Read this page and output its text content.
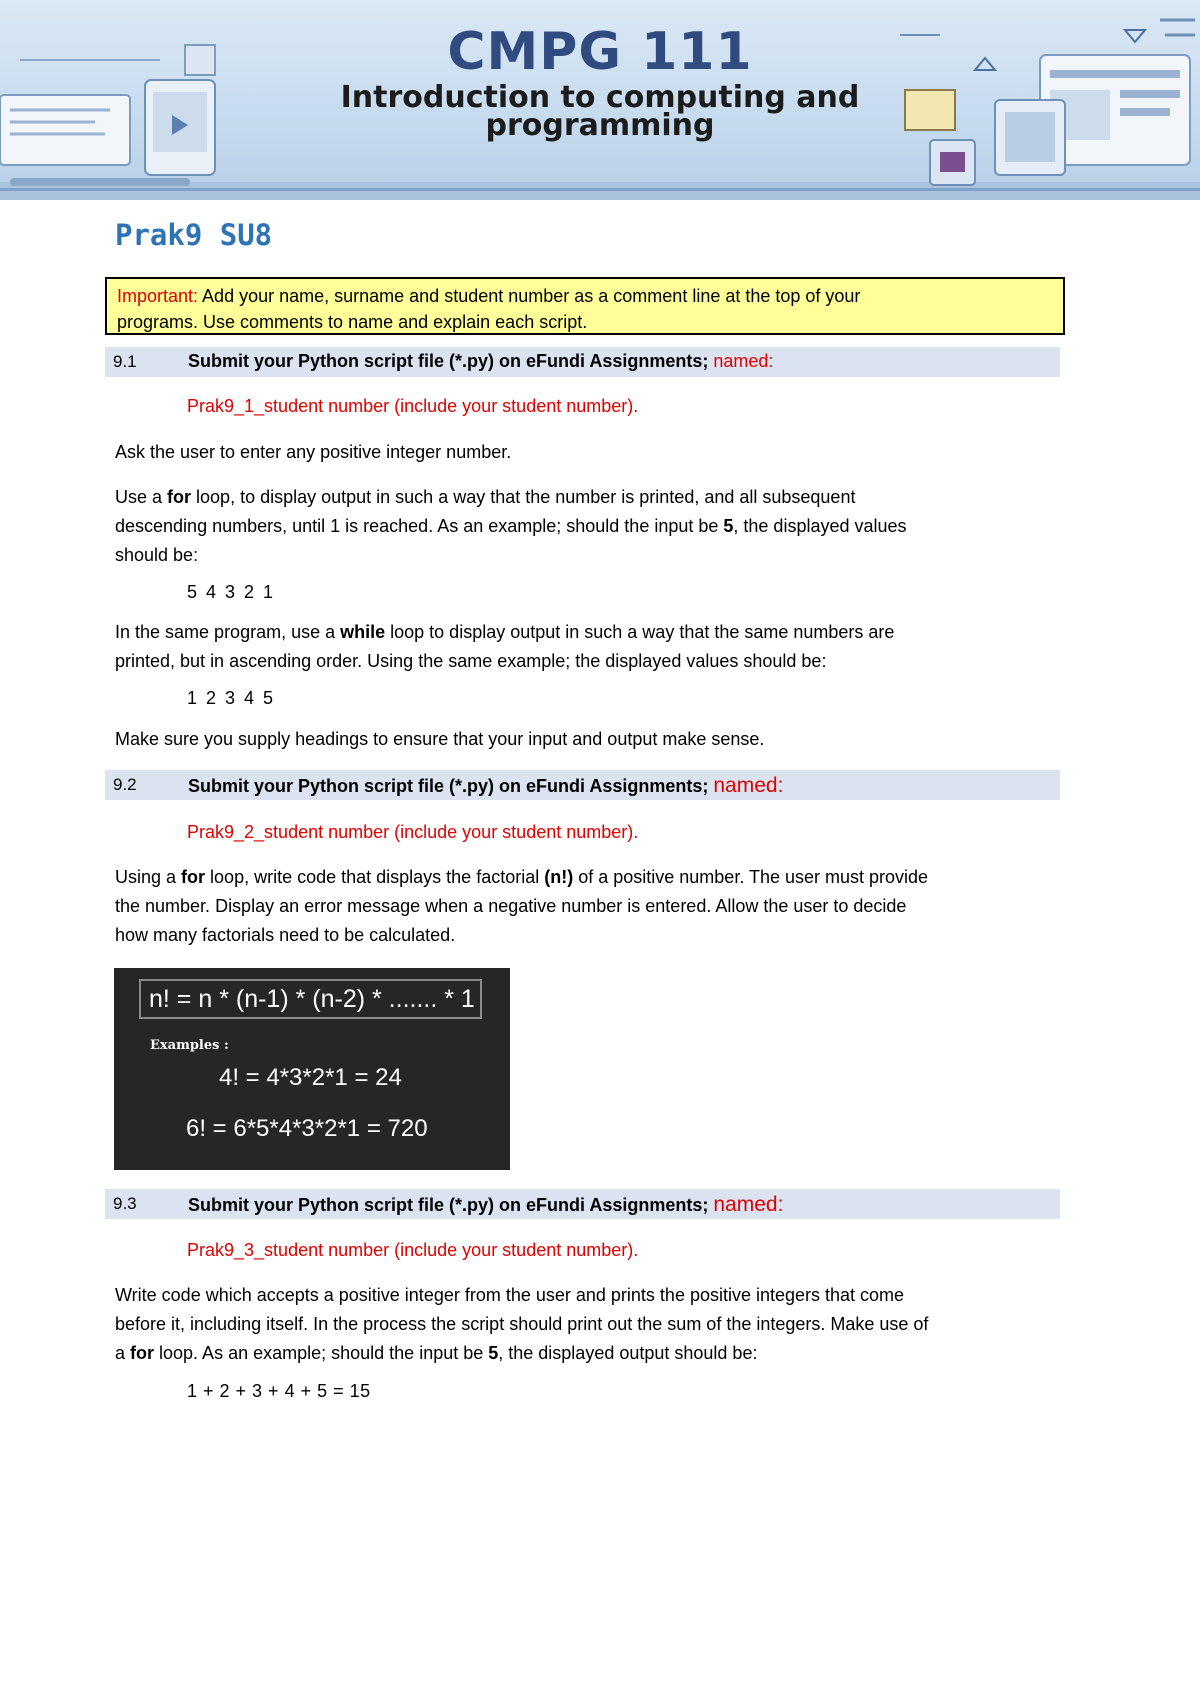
CMPG 111
Introduction to computing and
programming
Prak9 SU8
Important: Add your name, surname and student number as a comment line at the top of your
programs. Use comments to name and explain each script.
9.1	Submit your Python script file (*.py) on eFundi Assignments; named:
Prak9_1_student number (include your student number).
Ask the user to enter any positive integer number.
Use a for loop, to display output in such a way that the number is printed, and all subsequent
descending numbers, until 1 is reached. As an example; should the input be 5, the displayed values
should be:
5 4 3 2 1
In the same program, use a while loop to display output in such a way that the same numbers are
printed, but in ascending order. Using the same example; the displayed values should be:
1 2 3 4 5
Make sure you supply headings to ensure that your input and output make sense.
9.2	Submit your Python script file (*.py) on eFundi Assignments; named:
Prak9_2_student number (include your student number).
Using a for loop, write code that displays the factorial (n!) of a positive number. The user must provide
the number. Display an error message when a negative number is entered. Allow the user to decide
how many factorials need to be calculated.
n! = n * (n-1) * (n-2) * ....... * 1
Examples :
4! = 4*3*2*1 = 24
6! = 6*5*4*3*2*1 = 720
9.3	Submit your Python script file (*.py) on eFundi Assignments; named:
Prak9_3_student number (include your student number).
Write code which accepts a positive integer from the user and prints the positive integers that come
before it, including itself. In the process the script should print out the sum of the integers. Make use of
a for loop. As an example; should the input be 5, the displayed output should be:
1 + 2 + 3 + 4 + 5 = 15
